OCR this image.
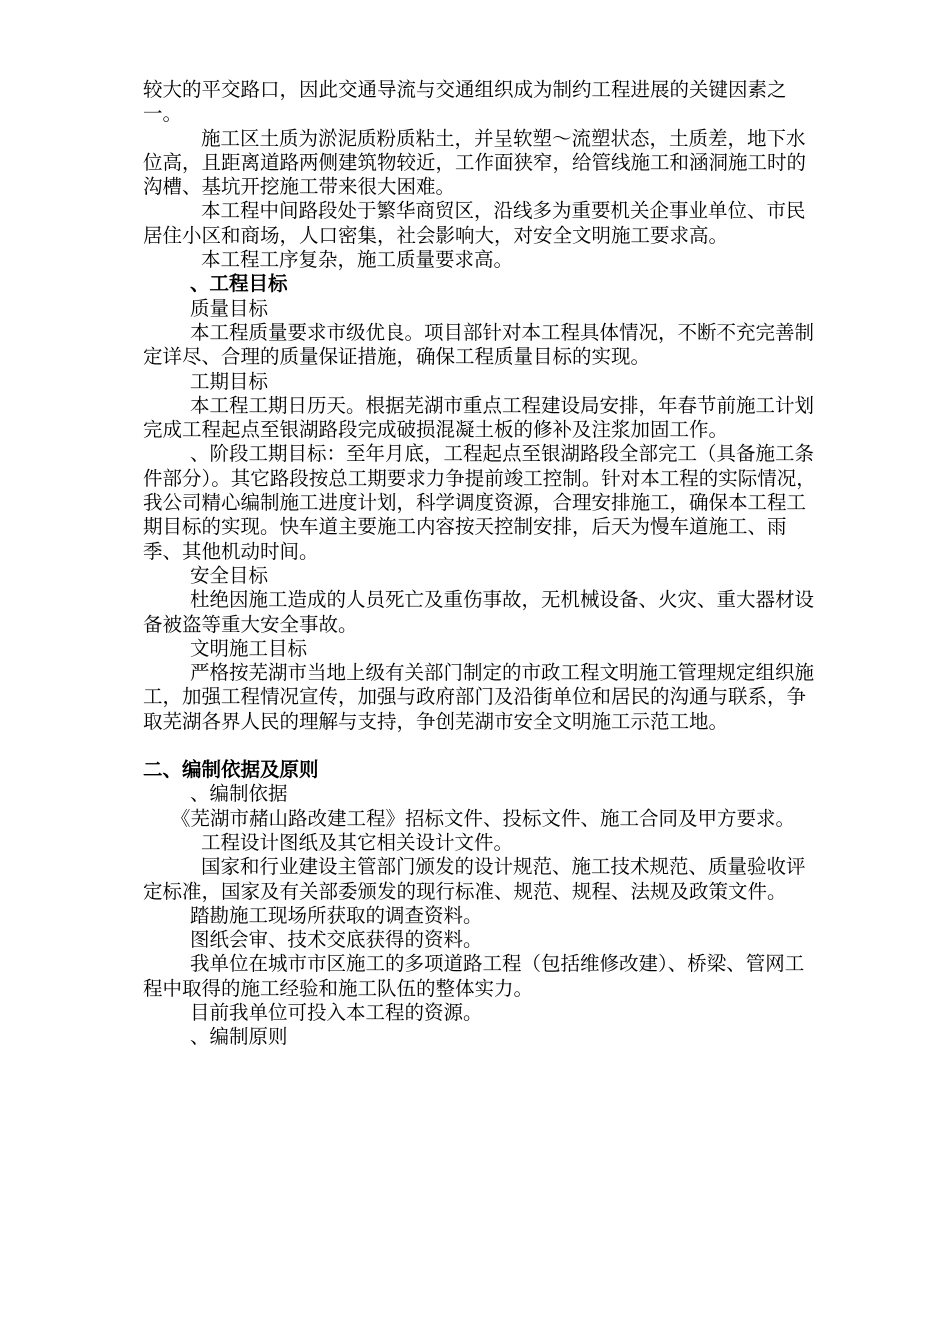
较大的平交路口，因此交通导流与交通组织成为制约工程进展的关键因素之一。

施工区土质为淤泥质粉质粘土，并呈软塑～流塑状态，土质差，地下水位高，且距离道路两侧建筑物较近，工作面狭窄，给管线施工和涵洞施工时的沟槽、基坑开挖施工带来很大困难。

本工程中间路段处于繁华商贸区，沿线多为重要机关企事业单位、市民居住小区和商场，人口密集，社会影响大，对安全文明施工要求高。

本工程工序复杂，施工质量要求高。

、工程目标

质量目标

本工程质量要求市级优良。项目部针对本工程具体情况，不断不充完善制定详尽、合理的质量保证措施，确保工程质量目标的实现。

工期目标

本工程工期日历天。根据芜湖市重点工程建设局安排，年春节前施工计划完成工程起点至银湖路段完成破损混凝土板的修补及注浆加固工作。

、阶段工期目标：至年月底，工程起点至银湖路段全部完工（具备施工条件部分）。其它路段按总工期要求力争提前竣工控制。针对本工程的实际情况，我公司精心编制施工进度计划，科学调度资源，合理安排施工，确保本工程工期目标的实现。快车道主要施工内容按天控制安排，后天为慢车道施工、雨季、其他机动时间。

安全目标

杜绝因施工造成的人员死亡及重伤事故，无机械设备、火灾、重大器材设备被盗等重大安全事故。

文明施工目标

严格按芜湖市当地上级有关部门制定的市政工程文明施工管理规定组织施工，加强工程情况宣传，加强与政府部门及沿街单位和居民的沟通与联系，争取芜湖各界人民的理解与支持，争创芜湖市安全文明施工示范工地。

二、编制依据及原则

、编制依据

《芜湖市赭山路改建工程》招标文件、投标文件、施工合同及甲方要求。

工程设计图纸及其它相关设计文件。

国家和行业建设主管部门颁发的设计规范、施工技术规范、质量验收评定标准，国家及有关部委颁发的现行标准、规范、规程、法规及政策文件。

踏勘施工现场所获取的调查资料。

图纸会审、技术交底获得的资料。

我单位在城市市区施工的多项道路工程（包括维修改建）、桥梁、管网工程中取得的施工经验和施工队伍的整体实力。

目前我单位可投入本工程的资源。

、编制原则
